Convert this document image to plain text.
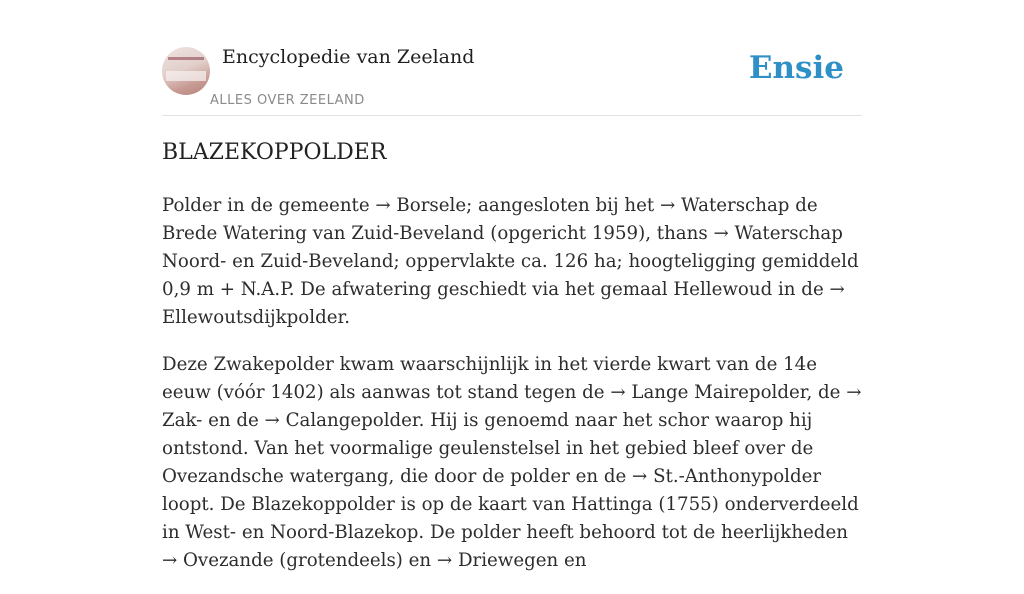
Encyclopedie van Zeeland
ALLES OVER ZEELAND
Ensie
BLAZEKOPPOLDER

Polder in de gemeente → Borsele; aangesloten bij het → Waterschap de Brede Watering van Zuid-Beveland (opgericht 1959), thans → Waterschap Noord- en Zuid-Beveland; oppervlakte ca. 126 ha; hoogteligging gemiddeld 0,9 m + N.A.P. De afwatering geschiedt via het gemaal Hellewoud in de → Ellewoutsdijkpolder.

Deze Zwakepolder kwam waarschijnlijk in het vierde kwart van de 14e eeuw (vóór 1402) als aanwas tot stand tegen de → Lange Mairepolder, de → Zak- en de → Calangepolder. Hij is genoemd naar het schor waarop hij ontstond. Van het voormalige geulenstelsel in het gebied bleef over de Ovezandsche watergang, die door de polder en de → St.-Anthonypolder loopt. De Blazekoppolder is op de kaart van Hattinga (1755) onderverdeeld in West- en Noord-Blazekop. De polder heeft behoord tot de heerlijkheden → Ovezande (grotendeels) en → Driewegen en
